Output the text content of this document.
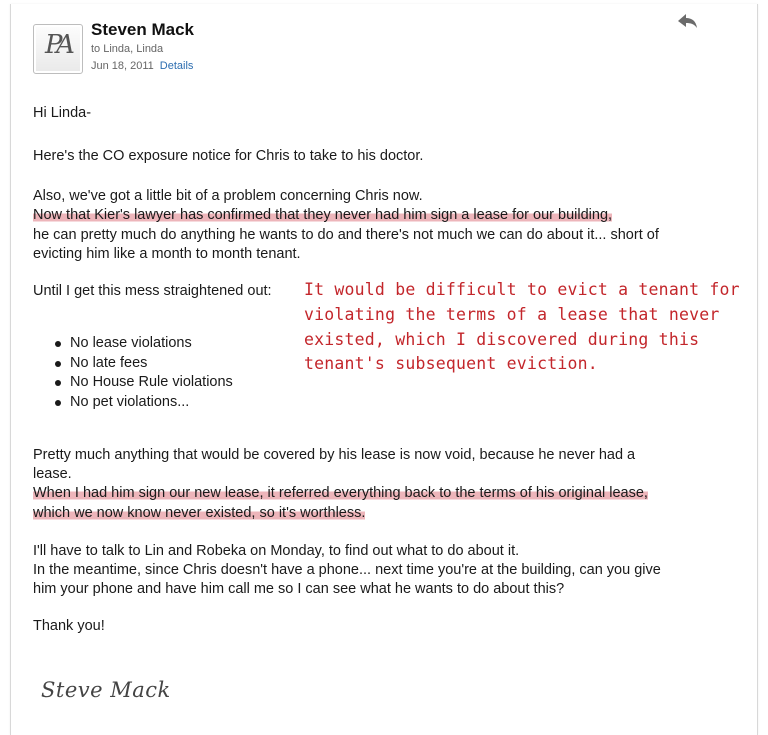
PA
Steven Mack
to Linda, Linda
Jun 18, 2011 Details
Hi Linda-
Here's the CO exposure notice for Chris to take to his doctor.
Also, we've got a little bit of a problem concerning Chris now.
Now that Kier's lawyer has confirmed that they never had him sign a lease for our building,
he can pretty much do anything he wants to do and there's not much we can do about it... short of
evicting him like a month to month tenant.
Until I get this mess straightened out: It would be difficult to evict a tenant for
violating the terms of a lease that never
existed, which I discovered during this
tenant's subsequent eviction.
No lease violations
No late fees
No House Rule violations
No pet violations...
Pretty much anything that would be covered by his lease is now void, because he never had a
lease.
When I had him sign our new lease, it referred everything back to the terms of his original lease,
which we now know never existed, so it's worthless.
I'll have to talk to Lin and Robeka on Monday, to find out what to do about it.
In the meantime, since Chris doesn't have a phone... next time you're at the building, can you give
him your phone and have him call me so I can see what he wants to do about this?
Thank you!
Steve Mack
